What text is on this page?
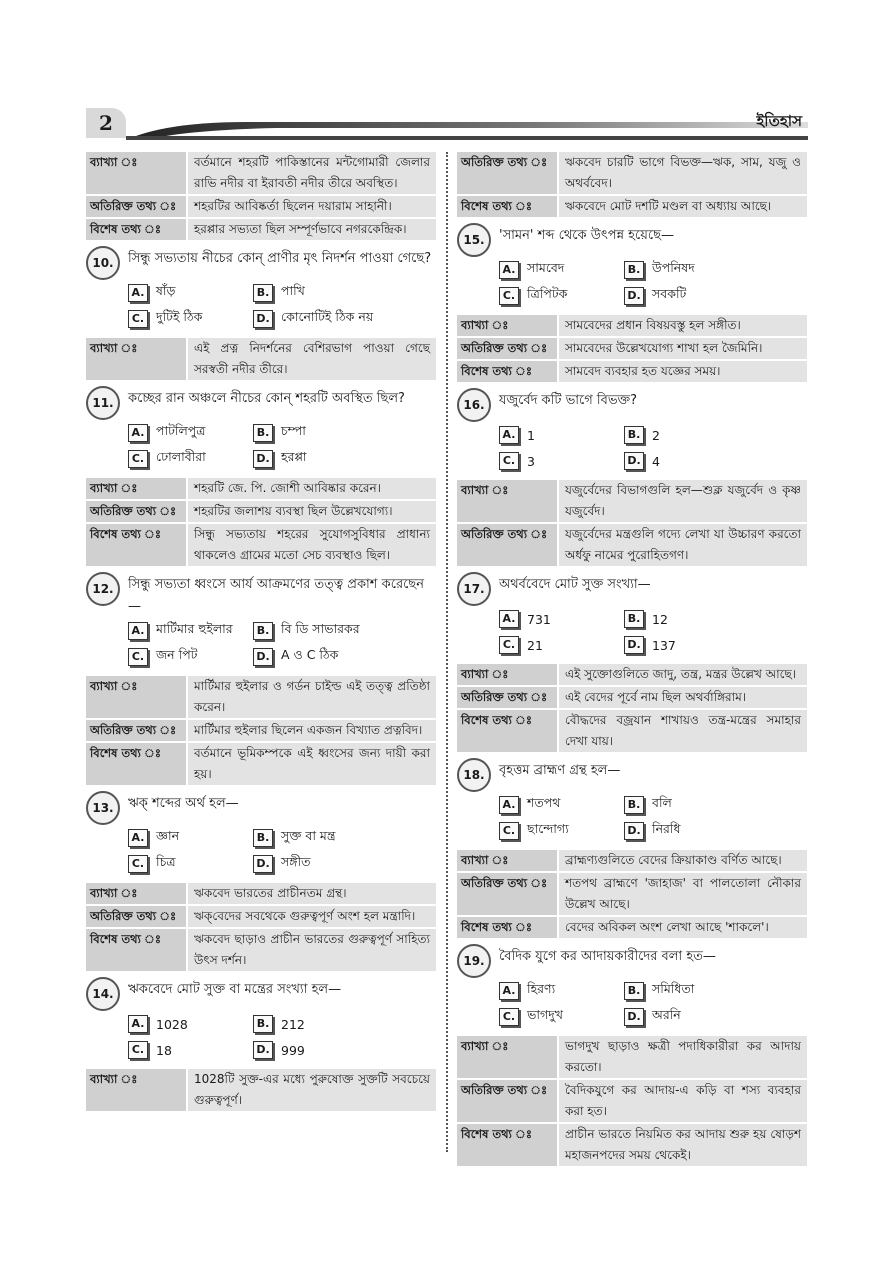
2	ইতিহাস
ব্যাখ্যা ঃ	বর্তমানে শহরটি পাকিস্তানের মন্টগোমারী জেলার রাভি নদীর বা ইরাবতী নদীর তীরে অবস্থিত।
অতিরিক্ত তথ্য ঃ	শহরটির আবিষ্কর্তা ছিলেন দয়ারাম সাহানী।
বিশেষ তথ্য ঃ	হরপ্পার সভ্যতা ছিল সম্পূর্ণভাবে নগরকেন্দ্রিক।
10.	সিন্ধু সভ্যতায় নীচের কোন্ প্রাণীর মৃৎ নিদর্শন পাওয়া গেছে?
A. ষাঁড়	B. পাখি
C. দুটিই ঠিক	D. কোনোটিই ঠিক নয়
ব্যাখ্যা ঃ	এই প্রত্ন নিদর্শনের বেশিরভাগ পাওয়া গেছে সরস্বতী নদীর তীরে।
11.	কচ্ছের রান অঞ্চলে নীচের কোন্ শহরটি অবস্থিত ছিল?
A. পাটলিপুত্র	B. চম্পা
C. ঢোলাবীরা	D. হরপ্পা
ব্যাখ্যা ঃ	শহরটি জে. পি. জোশী আবিষ্কার করেন।
অতিরিক্ত তথ্য ঃ	শহরটির জলাশয় ব্যবস্থা ছিল উল্লেখযোগ্য।
বিশেষ তথ্য ঃ	সিন্ধু সভ্যতায় শহরের সুযোগসুবিধার প্রাধান্য থাকলেও গ্রামের মতো সেচ ব্যবস্থাও ছিল।
12.	সিন্ধু সভ্যতা ধ্বংসে আর্য আক্রমণের তত্ত্ব প্রকাশ করেছেন—
A. মার্টিমার হুইলার	B. বি ডি সাভারকর
C. জন পিট	D. A ও C ঠিক
ব্যাখ্যা ঃ	মার্টিমার হুইলার ও গর্ডন চাইল্ড এই তত্ত্ব প্রতিষ্ঠা করেন।
অতিরিক্ত তথ্য ঃ	মার্টিমার হুইলার ছিলেন একজন বিখ্যাত প্রত্নবিদ।
বিশেষ তথ্য ঃ	বর্তমানে ভূমিকম্পকে এই ধ্বংসের জন্য দায়ী করা হয়।
13.	ঋক্ শব্দের অর্থ হল—
A. জ্ঞান	B. সুক্ত বা মন্ত্র
C. চিত্র	D. সঙ্গীত
ব্যাখ্যা ঃ	ঋকবেদ ভারতের প্রাচীনতম গ্রন্থ।
অতিরিক্ত তথ্য ঃ	ঋক্‌বেদের সবথেকে গুরুত্বপূর্ণ অংশ হল মন্ত্রাদি।
বিশেষ তথ্য ঃ	ঋকবেদ ছাড়াও প্রাচীন ভারতের গুরুত্বপূর্ণ সাহিত্য উৎস দর্শন।
14.	ঋকবেদে মোট সুক্ত বা মন্ত্রের সংখ্যা হল—
A. 1028	B. 212
C. 18	D. 999
ব্যাখ্যা ঃ	1028টি সুক্ত-এর মধ্যে পুরুষোক্ত সুক্তটি সবচেয়ে গুরুত্বপূর্ণ।
অতিরিক্ত তথ্য ঃ	ঋকবেদ চারটি ভাগে বিভক্ত—ঋক, সাম, যজু ও অথর্ববেদ।
বিশেষ তথ্য ঃ	ঋকবেদে মোট দশটি মণ্ডল বা অধ্যায় আছে।
15.	'সামন' শব্দ থেকে উৎপন্ন হয়েছে—
A. সামবেদ	B. উপনিষদ
C. ত্রিপিটক	D. সবকটি
ব্যাখ্যা ঃ	সামবেদের প্রধান বিষয়বস্তু হল সঙ্গীত।
অতিরিক্ত তথ্য ঃ	সামবেদের উল্লেখযোগ্য শাখা হল জৈমিনি।
বিশেষ তথ্য ঃ	সামবেদ ব্যবহার হত যজ্ঞের সময়।
16.	যজুর্বেদ কটি ভাগে বিভক্ত?
A. 1	B. 2
C. 3	D. 4
ব্যাখ্যা ঃ	যজুর্বেদের বিভাগগুলি হল—শুক্ল যজুর্বেদ ও কৃষ্ণ যজুর্বেদ।
অতিরিক্ত তথ্য ঃ	যজুর্বেদের মন্ত্রগুলি গদ্যে লেখা যা উচ্চারণ করতো অর্ধফু নামের পুরোহিতগণ।
17.	অথর্ববেদে মোট সুক্ত সংখ্যা—
A. 731	B. 12
C. 21	D. 137
ব্যাখ্যা ঃ	এই সুক্তোগুলিতে জাদু, তন্ত্র, মন্ত্রর উল্লেখ আছে।
অতিরিক্ত তথ্য ঃ	এই বেদের পূর্বে নাম ছিল অথর্বাঙ্গিরাম।
বিশেষ তথ্য ঃ	বৌদ্ধদের বজ্রযান শাখায়ও তন্ত্র-মন্ত্রের সমাহার দেখা যায়।
18.	বৃহত্তম ব্রাহ্মণ গ্রন্থ হল—
A. শতপথ	B. বলি
C. ছান্দোগ্য	D. নিরধি
ব্যাখ্যা ঃ	ব্রাহ্মণ্যগুলিতে বেদের ক্রিয়াকাণ্ড বর্ণিত আছে।
অতিরিক্ত তথ্য ঃ	শতপথ ব্রাহ্মণে 'জাহাজ' বা পালতোলা নৌকার উল্লেখ আছে।
বিশেষ তথ্য ঃ	বেদের অবিকল অংশ লেখা আছে 'শাকলে'।
19.	বৈদিক যুগে কর আদায়কারীদের বলা হত—
A. হিরণ্য	B. সমিধিতা
C. ভাগদুখ	D. অরনি
ব্যাখ্যা ঃ	ভাগদুখ ছাড়াও ক্ষত্রী পদাধিকারীরা কর আদায় করতো।
অতিরিক্ত তথ্য ঃ	বৈদিকযুগে কর আদায়-এ কড়ি বা শস্য ব্যবহার করা হত।
বিশেষ তথ্য ঃ	প্রাচীন ভারতে নিয়মিত কর আদায় শুরু হয় ষোড়শ মহাজনপদের সময় থেকেই।
